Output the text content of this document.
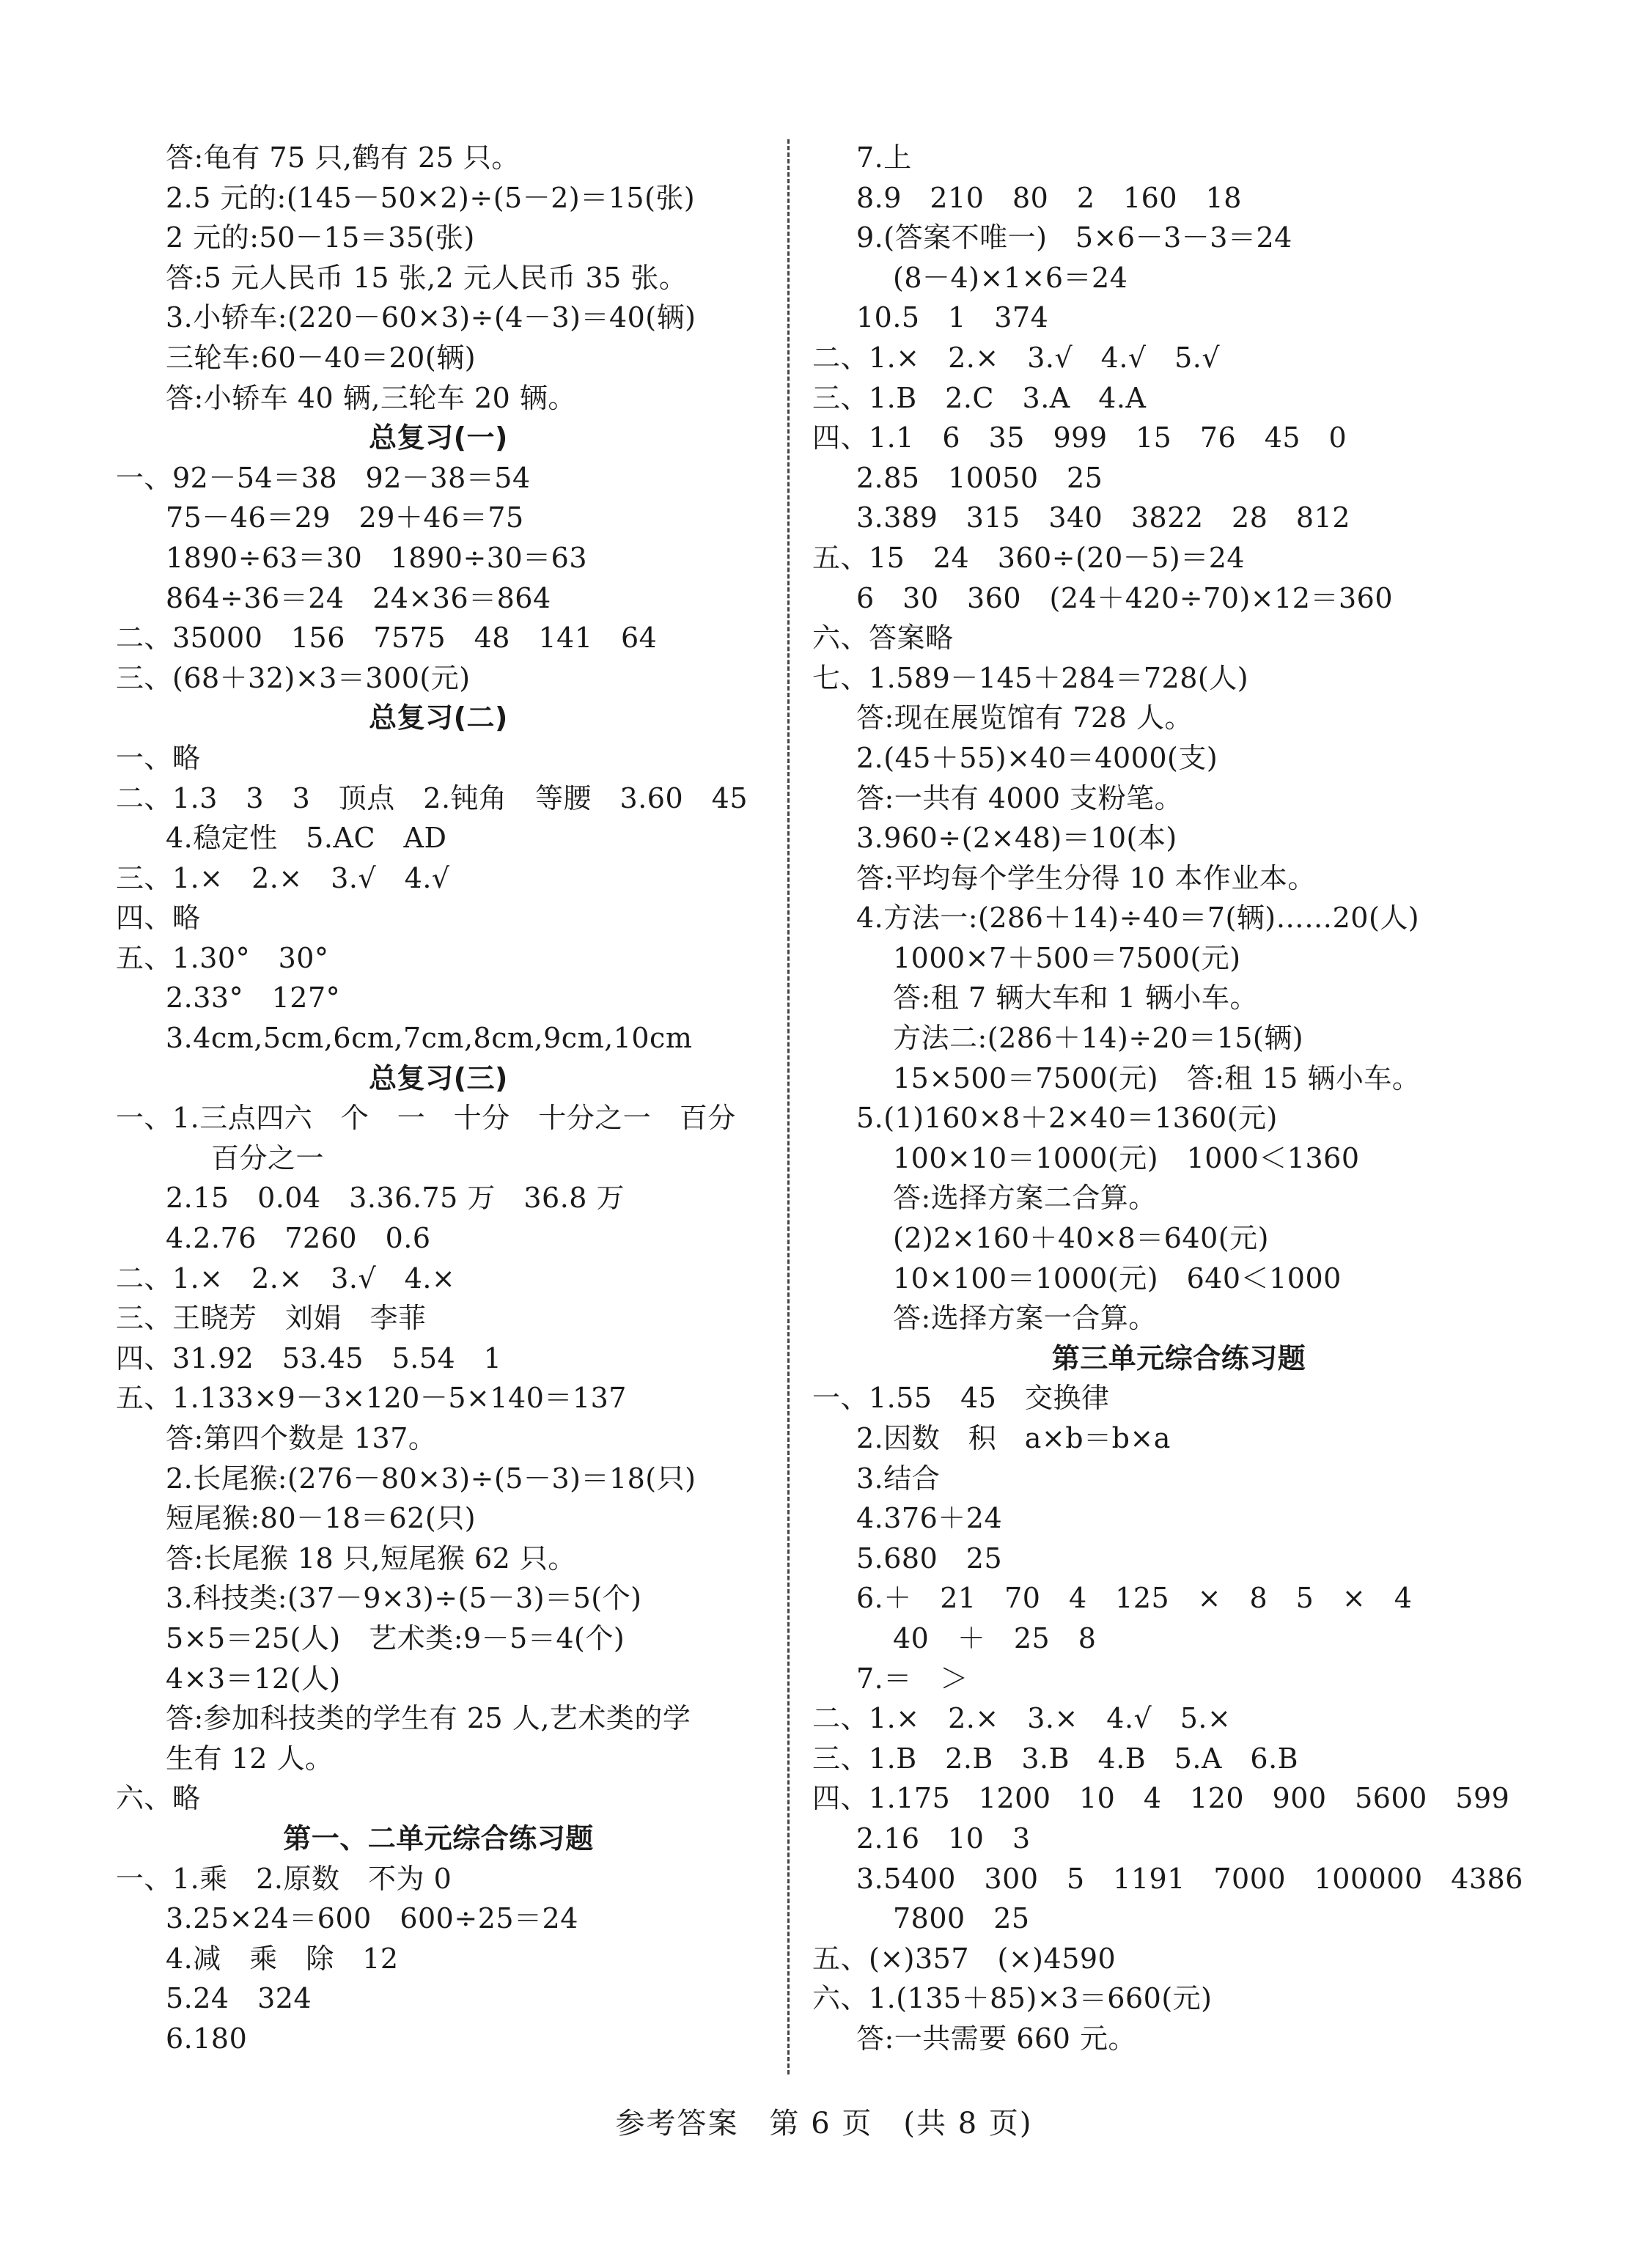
答:龟有 75 只,鹤有 25 只。
2.5 元的:(145－50×2)÷(5－2)＝15(张)
2 元的:50－15＝35(张)
答:5 元人民币 15 张,2 元人民币 35 张。
3.小轿车:(220－60×3)÷(4－3)＝40(辆)
三轮车:60－40＝20(辆)
答:小轿车 40 辆,三轮车 20 辆。
总复习(一)
一、92－54＝38　92－38＝54
75－46＝29　29＋46＝75
1890÷63＝30　1890÷30＝63
864÷36＝24　24×36＝864
二、35000　156　7575　48　141　64
三、(68＋32)×3＝300(元)
总复习(二)
一、略
二、1.3　3　3　顶点　2.钝角　等腰　3.60　45
4.稳定性　5.AC　AD
三、1.×　2.×　3.√　4.√
四、略
五、1.30°　30°
2.33°　127°
3.4cm,5cm,6cm,7cm,8cm,9cm,10cm
总复习(三)
一、1.三点四六　个　一　十分　十分之一　百分
百分之一
2.15　0.04　3.36.75 万　36.8 万
4.2.76　7260　0.6
二、1.×　2.×　3.√　4.×
三、王晓芳　刘娟　李菲
四、31.92　53.45　5.54　1
五、1.133×9－3×120－5×140＝137
答:第四个数是 137。
2.长尾猴:(276－80×3)÷(5－3)＝18(只)
短尾猴:80－18＝62(只)
答:长尾猴 18 只,短尾猴 62 只。
3.科技类:(37－9×3)÷(5－3)＝5(个)
5×5＝25(人)　艺术类:9－5＝4(个)
4×3＝12(人)
答:参加科技类的学生有 25 人,艺术类的学
生有 12 人。
六、略
第一、二单元综合练习题
一、1.乘　2.原数　不为 0
3.25×24＝600　600÷25＝24
4.减　乘　除　12
5.24　324
6.180
7.上
8.9　210　80　2　160　18
9.(答案不唯一)　5×6－3－3＝24
(8－4)×1×6＝24
10.5　1　374
二、1.×　2.×　3.√　4.√　5.√
三、1.B　2.C　3.A　4.A
四、1.1　6　35　999　15　76　45　0
2.85　10050　25
3.389　315　340　3822　28　812
五、15　24　360÷(20－5)＝24
6　30　360　(24＋420÷70)×12＝360
六、答案略
七、1.589－145＋284＝728(人)
答:现在展览馆有 728 人。
2.(45＋55)×40＝4000(支)
答:一共有 4000 支粉笔。
3.960÷(2×48)＝10(本)
答:平均每个学生分得 10 本作业本。
4.方法一:(286＋14)÷40＝7(辆)……20(人)
1000×7＋500＝7500(元)
答:租 7 辆大车和 1 辆小车。
方法二:(286＋14)÷20＝15(辆)
15×500＝7500(元)　答:租 15 辆小车。
5.(1)160×8＋2×40＝1360(元)
100×10＝1000(元)　1000＜1360
答:选择方案二合算。
(2)2×160＋40×8＝640(元)
10×100＝1000(元)　640＜1000
答:选择方案一合算。
第三单元综合练习题
一、1.55　45　交换律
2.因数　积　a×b＝b×a
3.结合
4.376＋24
5.680　25
6.＋　21　70　4　125　×　8　5　×　4
40　＋　25　8
7.＝　＞
二、1.×　2.×　3.×　4.√　5.×
三、1.B　2.B　3.B　4.B　5.A　6.B
四、1.175　1200　10　4　120　900　5600　599
2.16　10　3
3.5400　300　5　1191　7000　100000　4386
7800　25
五、(×)357　(×)4590
六、1.(135＋85)×3＝660(元)
答:一共需要 660 元。
参考答案　第 6 页　(共 8 页)
